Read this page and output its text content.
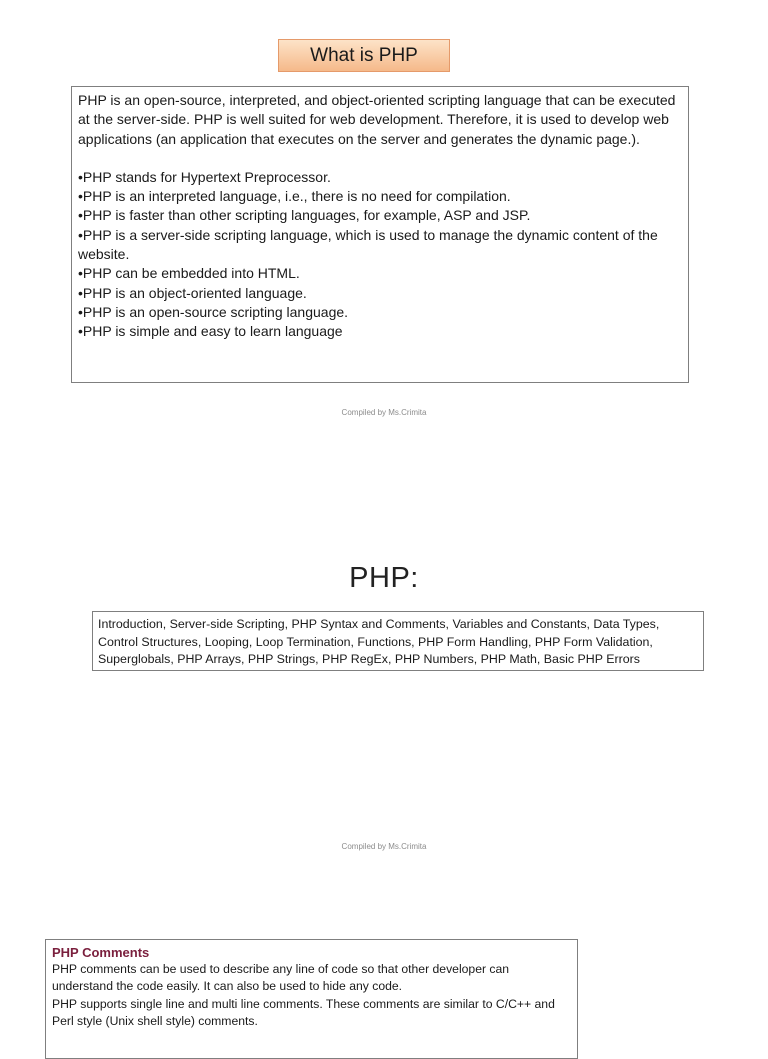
What is PHP

PHP is an open-source, interpreted, and object-oriented scripting language that can be executed at the server-side. PHP is well suited for web development. Therefore, it is used to develop web applications (an application that executes on the server and generates the dynamic page.).

•PHP stands for Hypertext Preprocessor.
•PHP is an interpreted language, i.e., there is no need for compilation.
•PHP is faster than other scripting languages, for example, ASP and JSP.
•PHP is a server-side scripting language, which is used to manage the dynamic content of the website.
•PHP can be embedded into HTML.
•PHP is an object-oriented language.
•PHP is an open-source scripting language.
•PHP is simple and easy to learn language
Compiled by Ms.Crimita
PHP:
Introduction, Server-side Scripting, PHP Syntax and Comments, Variables and Constants, Data Types, Control Structures, Looping, Loop Termination, Functions, PHP Form Handling, PHP Form Validation, Superglobals, PHP Arrays, PHP Strings, PHP RegEx, PHP Numbers, PHP Math, Basic PHP Errors
Compiled by Ms.Crimita
PHP Comments

PHP comments can be used to describe any line of code so that other developer can understand the code easily. It can also be used to hide any code.

PHP supports single line and multi line comments. These comments are similar to C/C++ and Perl style (Unix shell style) comments.
